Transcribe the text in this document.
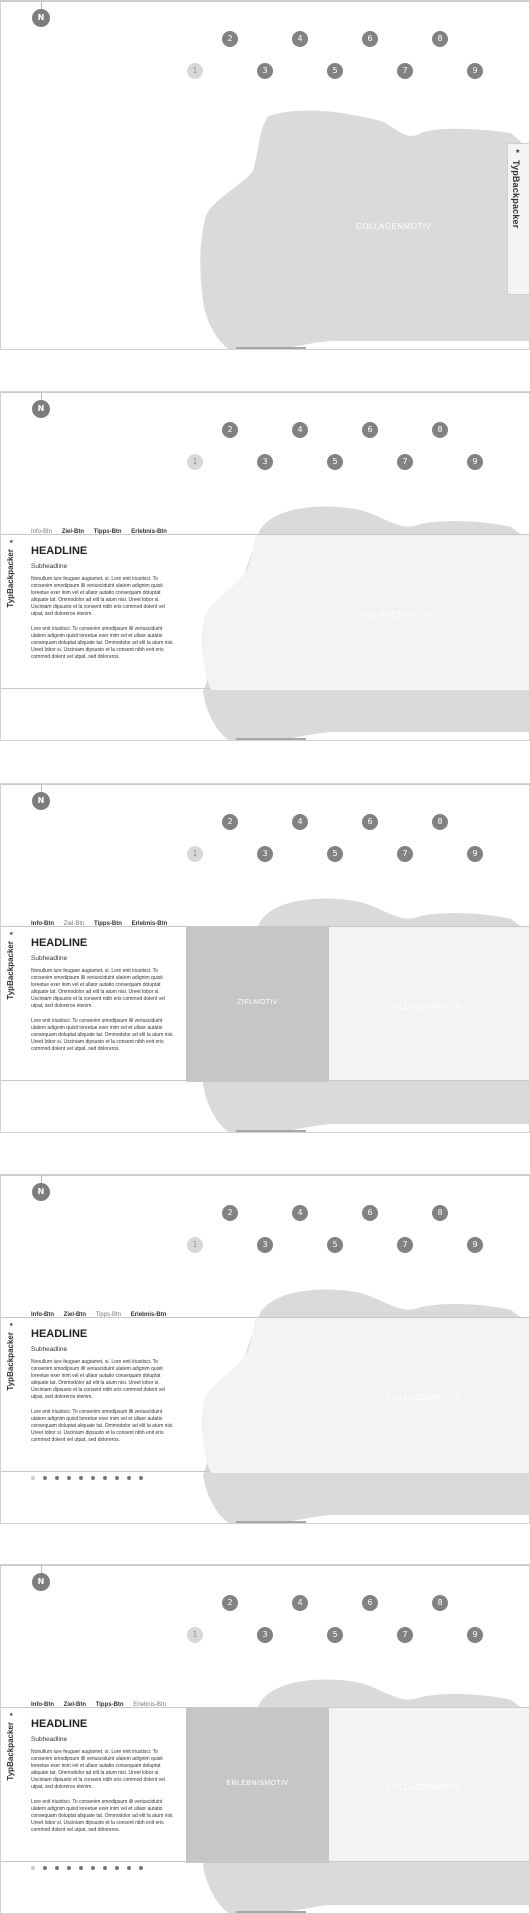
N
COLLAGENMOTIV
1
2
3
4
5
6
7
8
9
★
TypBackpacker
N
1
2
3
4
5
6
7
8
9
Info-Btn Ziel-Btn Tipps-Btn Erlebnis-Btn
★
TypBackpacker HEADLINE
Subheadline

Nonullum iure feugaer augiamet, si. Lore enit iriustisci. To consenim smodipsum illi veriusciduint ulatem adignim quisit loreetue exer inim vel et ullaor autatio consequam doluptat aliquate tat. Ommodolor ad elit la atum nisi. Ureet lobor si. Usciniam dipsusto et la consent nibh eris commod dolent vel utpat, sed doloreros elenim.

Lore enit iriustisci. To consenim smodipsum illi veriusciduint ulatem adignim quisit loreetue exer inim vel et ullaor autatio consequam doluptat aliquate tat. Ommodolor ad elit la atum nisi. Ureet lobor si. Usciniam dipsusto et la consent nibh enit eris commod dolent vel utpat, sed doloreros.

COLLAGENMOTIV
N
1
2
3
4
5
6
7
8
9
Info-Btn Ziel-Btn Tipps-Btn Erlebnis-Btn
★
TypBackpacker HEADLINE
Subheadline

Nonullum iure feugaer augiamet, si. Lore enit iriustisci. To consenim smodipsum illi veriusciduint ulatem adignim quisit loreetue exer inim vel et ullaor autatio consequam doluptat aliquate tat. Ommodolor ad elit la atum nisi. Ureet lobor si. Usciniam dipsusto et la consent nibh eris commod dolent vel utpat, sed doloreros elenim.

Lore enit iriustisci. To consenim smodipsum illi veriusciduint ulatem adignim quisit loreetue exer inim vel et ullaor autatio consequam doluptat aliquate tat. Ommodolor ad elit la atum nisi. Ureet lobor si. Usciniam dipsusto et la consent nibh enit eris commod dolent vel utpat, sed doloreros.

ZIELMOTIV	COLLAGENMOTIV
N
1
2
3
4
5
6
7
8
9
Info-Btn Ziel-Btn Tipps-Btn Erlebnis-Btn
★
TypBackpacker HEADLINE
Subheadline

Nonullum iure feugaer augiamet, si. Lore enit iriustisci. To consenim smodipsum illi veriusciduint ulatem adignim quisit loreetue exer inim vel et ullaor autatio consequam doluptat aliquate tat. Ommodolor ad elit la atum nisi. Ureet lobor si. Usciniam dipsusto et la consent nibh eris commod dolent vel utpat, sed doloreros elenim.

Lore enit iriustisci. To consenim smodipsum illi veriusciduint ulatem adignim quisit loreetue exer inim vel et ullaor autatio consequam doluptat aliquate tat. Ommodolor ad elit la atum nisi. Ureet lobor si. Usciniam dipsusto et la consent nibh enit eris commod dolent vel utpat, sed doloreros.

COLLAGENMOTIV
N
1
2
3
4
5
6
7
8
9
Info-Btn Ziel-Btn Tipps-Btn Erlebnis-Btn
★
TypBackpacker HEADLINE
Subheadline

Nonullum iure feugaer augiamet, si. Lore enit iriustisci. To consenim smodipsum illi veriusciduint ulatem adignim quisit loreetue exer inim vel et ullaor autatio consequam doluptat aliquate tat. Ommodolor ad elit la atum nisi. Ureet lobor si. Usciniam dipsusto et la consent nibh eris commod dolent vel utpat, sed doloreros elenim.

Lore enit iriustisci. To consenim smodipsum illi veriusciduint ulatem adignim quisit loreetue exer inim vel et ullaor autatio consequam doluptat aliquate tat. Ommodolor ad elit la atum nisi. Ureet lobor si. Usciniam dipsusto et la consent nibh enit eris commod dolent vel utpat, sed doloreros.

ERLEBNISMOTIV	COLLAGENMOTIV
